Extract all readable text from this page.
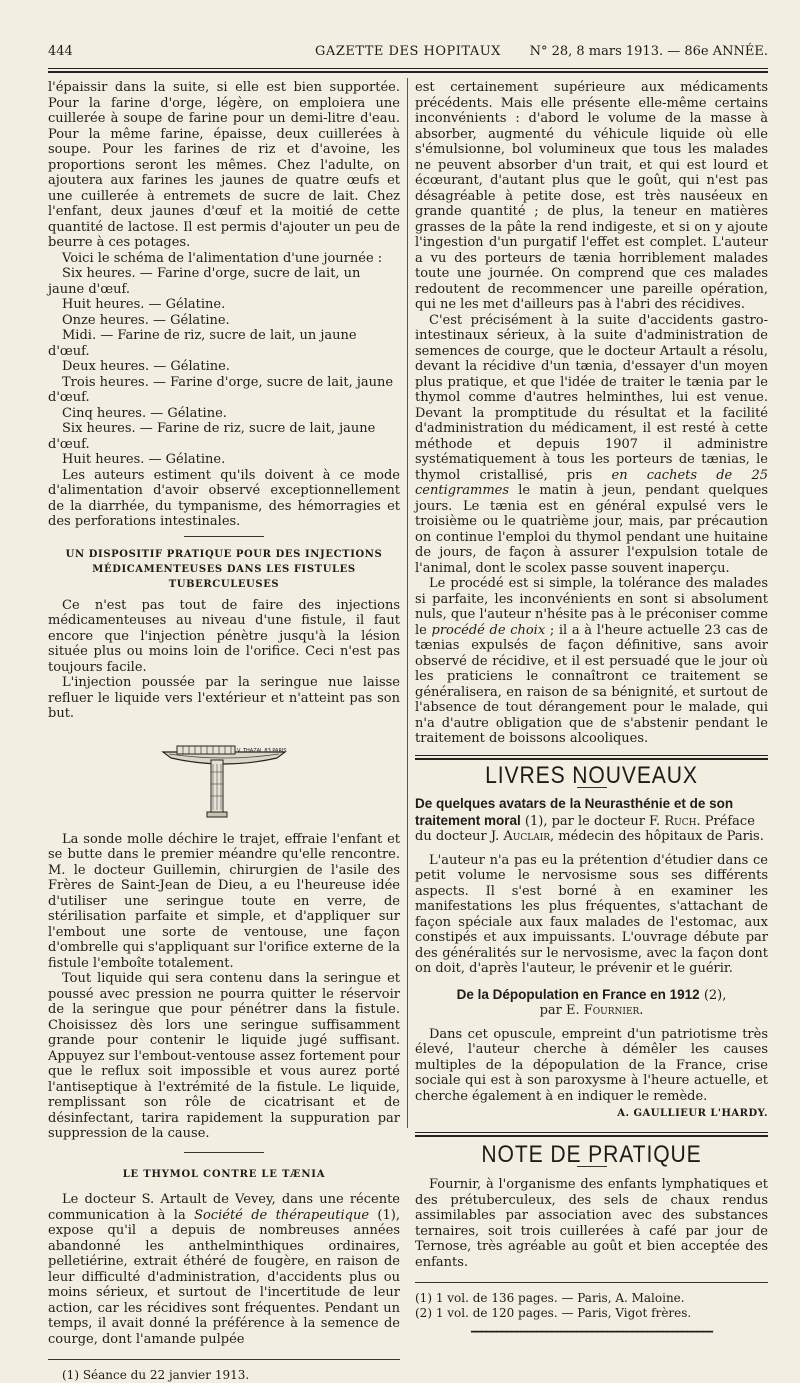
444	GAZETTE DES HOPITAUX	N° 28, 8 mars 1913. — 86e ANNÉE.

l'épaissir dans la suite, si elle est bien supportée. Pour la farine d'orge, légère, on emploiera une cuillerée à soupe de farine pour un demi-litre d'eau. Pour la même farine, épaisse, deux cuillerées à soupe. Pour les farines de riz et d'avoine, les proportions seront les mêmes. Chez l'adulte, on ajoutera aux farines les jaunes de quatre œufs et une cuillerée à entremets de sucre de lait. Chez l'enfant, deux jaunes d'œuf et la moitié de cette quantité de lactose. Il est permis d'ajouter un peu de beurre à ces potages.

Voici le schéma de l'alimentation d'une journée :

Six heures. — Farine d'orge, sucre de lait, un jaune d'œuf.

Huit heures. — Gélatine.

Onze heures. — Gélatine.

Midi. — Farine de riz, sucre de lait, un jaune d'œuf.

Deux heures. — Gélatine.

Trois heures. — Farine d'orge, sucre de lait, jaune d'œuf.

Cinq heures. — Gélatine.

Six heures. — Farine de riz, sucre de lait, jaune d'œuf.

Huit heures. — Gélatine.

Les auteurs estiment qu'ils doivent à ce mode d'alimentation d'avoir observé exceptionnellement de la diarrhée, du tympanisme, des hémorragies et des perforations intestinales.

UN DISPOSITIF PRATIQUE POUR DES INJECTIONS MÉDICAMENTEUSES DANS LES FISTULES TUBERCULEUSES

Ce n'est pas tout de faire des injections médicamenteuses au niveau d'une fistule, il faut encore que l'injection pénètre jusqu'à la lésion située plus ou moins loin de l'orifice. Ceci n'est pas toujours facile.

L'injection poussée par la seringue nue laisse refluer le liquide vers l'extérieur et n'atteint pas son but.

V. THAZAL 83 PARIS

La sonde molle déchire le trajet, effraie l'enfant et se butte dans le premier méandre qu'elle rencontre. M. le docteur Guillemin, chirurgien de l'asile des Frères de Saint-Jean de Dieu, a eu l'heureuse idée d'utiliser une seringue toute en verre, de stérilisation parfaite et simple, et d'appliquer sur l'embout une sorte de ventouse, une façon d'ombrelle qui s'appliquant sur l'orifice externe de la fistule l'emboîte totalement.

Tout liquide qui sera contenu dans la seringue et poussé avec pression ne pourra quitter le réservoir de la seringue que pour pénétrer dans la fistule. Choisissez dès lors une seringue suffisamment grande pour contenir le liquide jugé suffisant. Appuyez sur l'embout-ventouse assez fortement pour que le reflux soit impossible et vous aurez porté l'antiseptique à l'extrémité de la fistule. Le liquide, remplissant son rôle de cicatrisant et de désinfectant, tarira rapidement la suppuration par suppression de la cause.

LE THYMOL CONTRE LE TÆNIA

Le docteur S. Artault de Vevey, dans une récente communication à la Société de thérapeutique (1), expose qu'il a depuis de nombreuses années abandonné les anthelminthiques ordinaires, pelletiérine, extrait éthéré de fougère, en raison de leur difficulté d'administration, d'accidents plus ou moins sérieux, et surtout de l'incertitude de leur action, car les récidives sont fréquentes. Pendant un temps, il avait donné la préférence à la semence de courge, dont l'amande pulpée

(1) Séance du 22 janvier 1913.

est certainement supérieure aux médicaments précédents. Mais elle présente elle-même certains inconvénients : d'abord le volume de la masse à absorber, augmenté du véhicule liquide où elle s'émulsionne, bol volumineux que tous les malades ne peuvent absorber d'un trait, et qui est lourd et écœurant, d'autant plus que le goût, qui n'est pas désagréable à petite dose, est très nauséeux en grande quantité ; de plus, la teneur en matières grasses de la pâte la rend indigeste, et si on y ajoute l'ingestion d'un purgatif l'effet est complet. L'auteur a vu des porteurs de tænia horriblement malades toute une journée. On comprend que ces malades redoutent de recommencer une pareille opération, qui ne les met d'ailleurs pas à l'abri des récidives.

C'est précisément à la suite d'accidents gastro-intestinaux sérieux, à la suite d'administration de semences de courge, que le docteur Artault a résolu, devant la récidive d'un tænia, d'essayer d'un moyen plus pratique, et que l'idée de traiter le tænia par le thymol comme d'autres helminthes, lui est venue. Devant la promptitude du résultat et la facilité d'administration du médicament, il est resté à cette méthode et depuis 1907 il administre systématiquement à tous les porteurs de tænias, le thymol cristallisé, pris en cachets de 25 centigrammes le matin à jeun, pendant quelques jours. Le tænia est en général expulsé vers le troisième ou le quatrième jour, mais, par précaution on continue l'emploi du thymol pendant une huitaine de jours, de façon à assurer l'expulsion totale de l'animal, dont le scolex passe souvent inaperçu.

Le procédé est si simple, la tolérance des malades si parfaite, les inconvénients en sont si absolument nuls, que l'auteur n'hésite pas à le préconiser comme le procédé de choix ; il a à l'heure actuelle 23 cas de tænias expulsés de façon définitive, sans avoir observé de récidive, et il est persuadé que le jour où les praticiens le connaîtront ce traitement se généralisera, en raison de sa bénignité, et surtout de l'absence de tout dérangement pour le malade, qui n'a d'autre obligation que de s'abstenir pendant le traitement de boissons alcooliques.

LIVRES NOUVEAUX

De quelques avatars de la Neurasthénie et de son traitement moral (1), par le docteur F. Ruch. Préface du docteur J. Auclair, médecin des hôpitaux de Paris.

L'auteur n'a pas eu la prétention d'étudier dans ce petit volume le nervosisme sous ses différents aspects. Il s'est borné à en examiner les manifestations les plus fréquentes, s'attachant de façon spéciale aux faux malades de l'estomac, aux constipés et aux impuissants. L'ouvrage débute par des généralités sur le nervosisme, avec la façon dont on doit, d'après l'auteur, le prévenir et le guérir.

De la Dépopulation en France en 1912 (2),
par E. Fournier.

Dans cet opuscule, empreint d'un patriotisme très élevé, l'auteur cherche à démêler les causes multiples de la dépopulation de la France, crise sociale qui est à son paroxysme à l'heure actuelle, et cherche également à en indiquer le remède.

A. GAULLIEUR L'HARDY.
NOTE DE PRATIQUE

Fournir, à l'organisme des enfants lymphatiques et des prétuberculeux, des sels de chaux rendus assimilables par association avec des substances ternaires, soit trois cuillerées à café par jour de Ternose, très agréable au goût et bien acceptée des enfants.

(1) 1 vol. de 136 pages. — Paris, A. Maloine.

(2) 1 vol. de 120 pages. — Paris, Vigot frères.

━━━━━━━━━━━━━━━━━━━━━━━━━━━━━━━━━━━━━━━━━━━━━━━━
